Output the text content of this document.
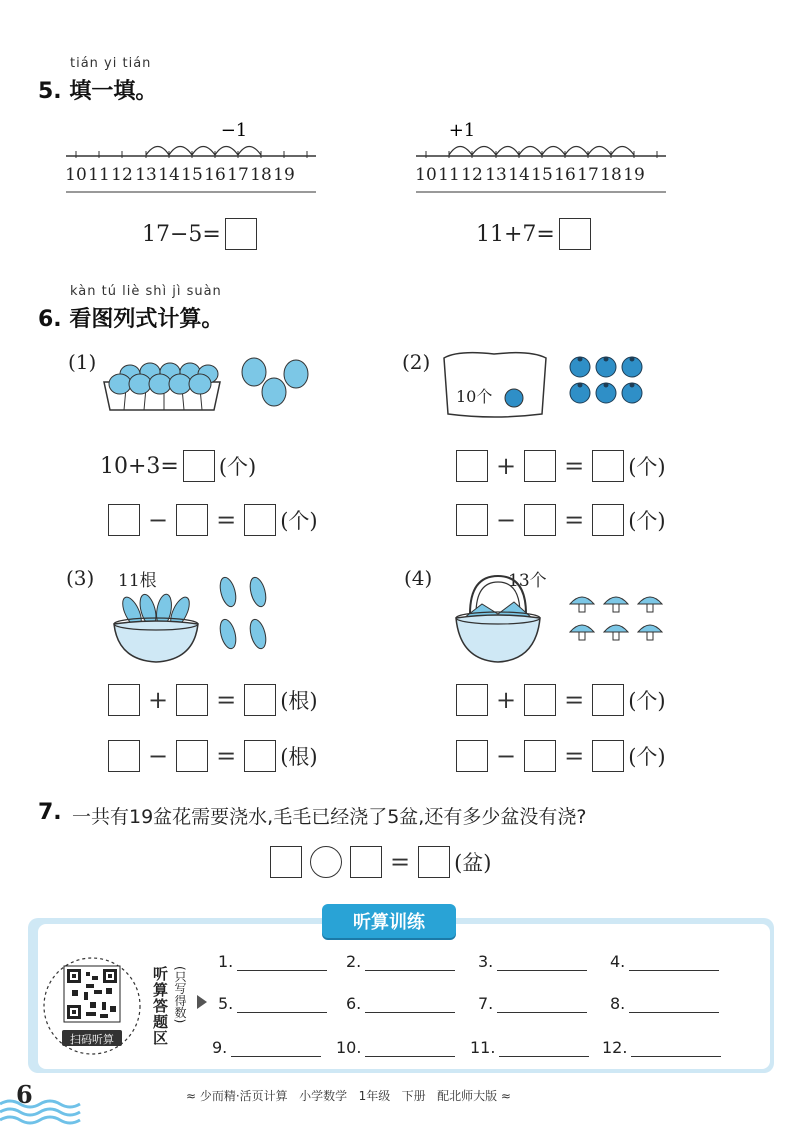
tián yi tián
5. 填一填。
−1
10 11 12 13 14 15 16 17 18 19
+1
10 11 12 13 14 15 16 17 18 19
17−5=	11+7=
kàn tú liè shì jì suàn
6. 看图列式计算。
(1)
10+3= (个)
− = (个)
(2)
10个
+ = (个)
− = (个)
(3) 11根
+ = (根)
− = (根)
(4)	13个
+ = (个)
− = (个)
7. 一共有19盆花需要浇水,毛毛已经浇了5盆,还有多少盆没有浇?
= (盆)
听算训练
扫码听算	听算答题区 (只写得数)
1.	2.	3.	4.
5.	6.	7.	8.
9.	10.	11.	12.
6	≈ 少而精·活页计算   小学数学   1年级   下册   配北师大版 ≈
